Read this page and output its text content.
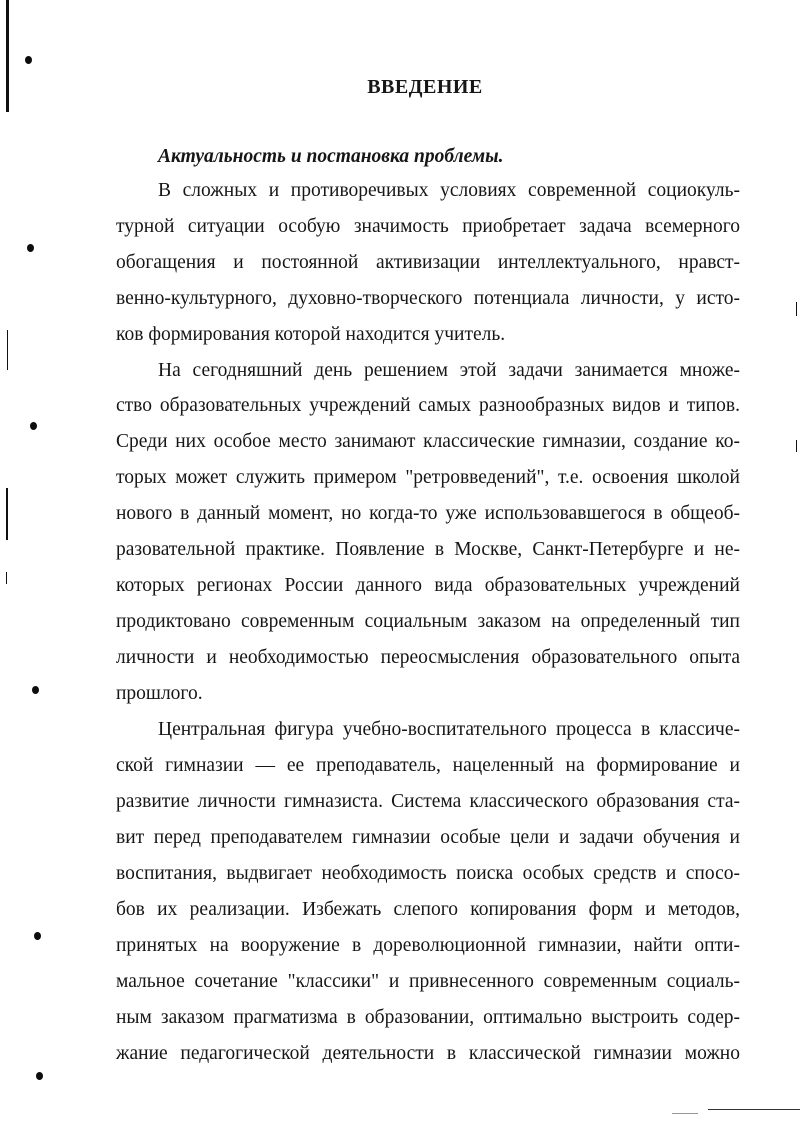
ВВЕДЕНИЕ
Актуальность и постановка проблемы.
В сложных и противоречивых условиях современной социокуль-
турной ситуации особую значимость приобретает задача всемерного
обогащения и постоянной активизации интеллектуального, нравст-
венно-культурного, духовно-творческого потенциала личности, у исто-
ков формирования которой находится учитель.
На сегодняшний день решением этой задачи занимается множе-
ство образовательных учреждений самых разнообразных видов и типов.
Среди них особое место занимают классические гимназии, создание ко-
торых может служить примером "ретровведений", т.е. освоения школой
нового в данный момент, но когда-то уже использовавшегося в общеоб-
разовательной практике. Появление в Москве, Санкт-Петербурге и не-
которых регионах России данного вида образовательных учреждений
продиктовано современным социальным заказом на определенный тип
личности и необходимостью переосмысления образовательного опыта
прошлого.
Центральная фигура учебно-воспитательного процесса в классиче-
ской гимназии — ее преподаватель, нацеленный на формирование и
развитие личности гимназиста. Система классического образования ста-
вит перед преподавателем гимназии особые цели и задачи обучения и
воспитания, выдвигает необходимость поиска особых средств и спосо-
бов их реализации. Избежать слепого копирования форм и методов,
принятых на вооружение в дореволюционной гимназии, найти опти-
мальное сочетание "классики" и привнесенного современным социаль-
ным заказом прагматизма в образовании, оптимально выстроить содер-
жание педагогической деятельности в классической гимназии можно
